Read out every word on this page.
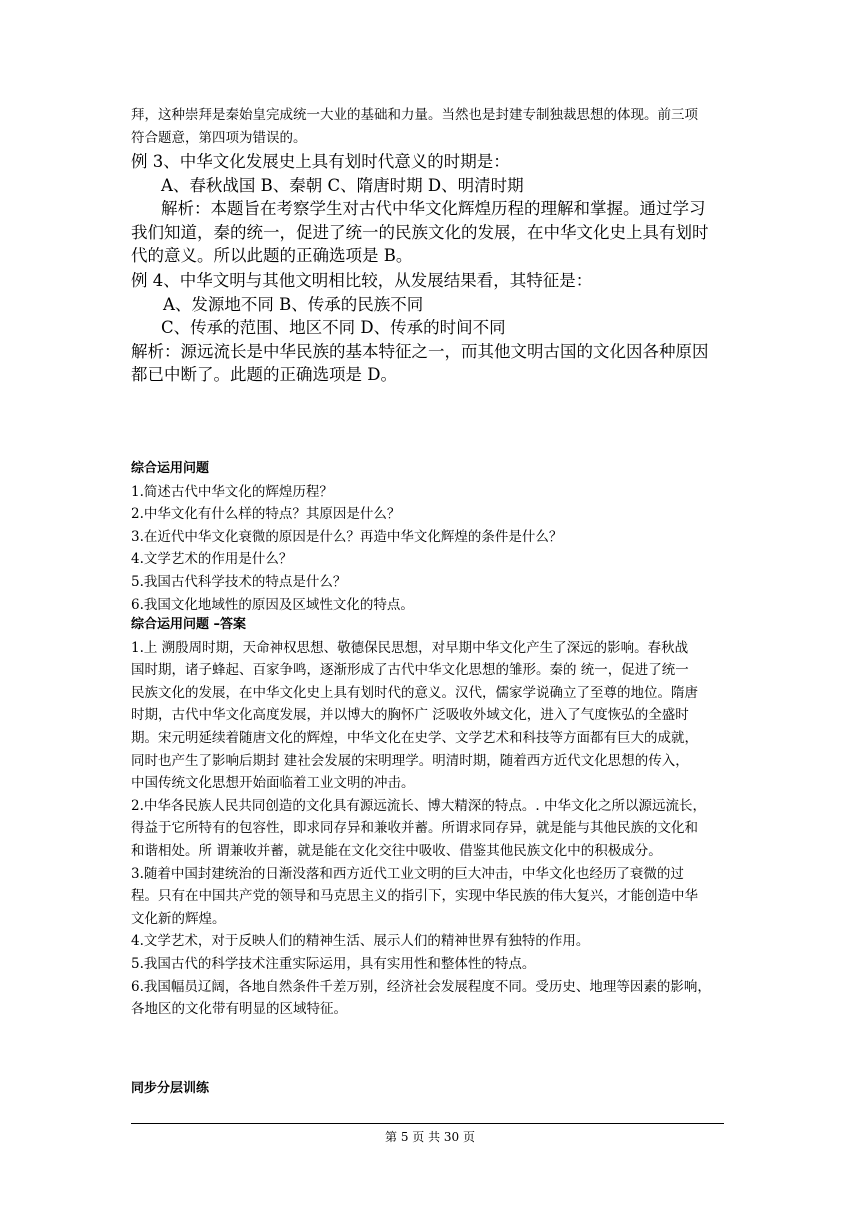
拜，这种崇拜是秦始皇完成统一大业的基础和力量。当然也是封建专制独裁思想的体现。前三项

符合题意，第四项为错误的。

例 3、中华文化发展史上具有划时代意义的时期是：

A、春秋战国 B、秦朝 C、隋唐时期 D、明清时期

解析：本题旨在考察学生对古代中华文化辉煌历程的理解和掌握。通过学习

我们知道，秦的统一，促进了统一的民族文化的发展，在中华文化史上具有划时

代的意义。所以此题的正确选项是 B。

例 4、中华文明与其他文明相比较，从发展结果看，其特征是：

A、发源地不同 B、传承的民族不同

C、传承的范围、地区不同 D、传承的时间不同

解析：源远流长是中华民族的基本特征之一，而其他文明古国的文化因各种原因

都已中断了。此题的正确选项是 D。

综合运用问题

1.简述古代中华文化的辉煌历程？

2.中华文化有什么样的特点？其原因是什么？

3.在近代中华文化衰微的原因是什么？再造中华文化辉煌的条件是什么？

4.文学艺术的作用是什么？

5.我国古代科学技术的特点是什么？

6.我国文化地域性的原因及区域性文化的特点。

综合运用问题 –答案

1.上 溯殷周时期，天命神权思想、敬德保民思想，对早期中华文化产生了深远的影响。春秋战

国时期，诸子蜂起、百家争鸣，逐渐形成了古代中华文化思想的雏形。秦的 统一，促进了统一

民族文化的发展，在中华文化史上具有划时代的意义。汉代，儒家学说确立了至尊的地位。隋唐

时期，古代中华文化高度发展，并以博大的胸怀广 泛吸收外域文化，进入了气度恢弘的全盛时

期。宋元明延续着随唐文化的辉煌，中华文化在史学、文学艺术和科技等方面都有巨大的成就，

同时也产生了影响后期封 建社会发展的宋明理学。明清时期，随着西方近代文化思想的传入，

中国传统文化思想开始面临着工业文明的冲击。

2.中华各民族人民共同创造的文化具有源远流长、博大精深的特点。. 中华文化之所以源远流长，

得益于它所特有的包容性，即求同存异和兼收并蓄。所谓求同存异，就是能与其他民族的文化和

和谐相处。所 谓兼收并蓄，就是能在文化交往中吸收、借鉴其他民族文化中的积极成分。

3.随着中国封建统治的日渐没落和西方近代工业文明的巨大冲击，中华文化也经历了衰微的过

程。只有在中国共产党的领导和马克思主义的指引下，实现中华民族的伟大复兴，才能创造中华

文化新的辉煌。

4.文学艺术，对于反映人们的精神生活、展示人们的精神世界有独特的作用。

5.我国古代的科学技术注重实际运用，具有实用性和整体性的特点。

6.我国幅员辽阔，各地自然条件千差万别，经济社会发展程度不同。受历史、地理等因素的影响，

各地区的文化带有明显的区域特征。

同步分层训练

第 5 页 共 30 页
